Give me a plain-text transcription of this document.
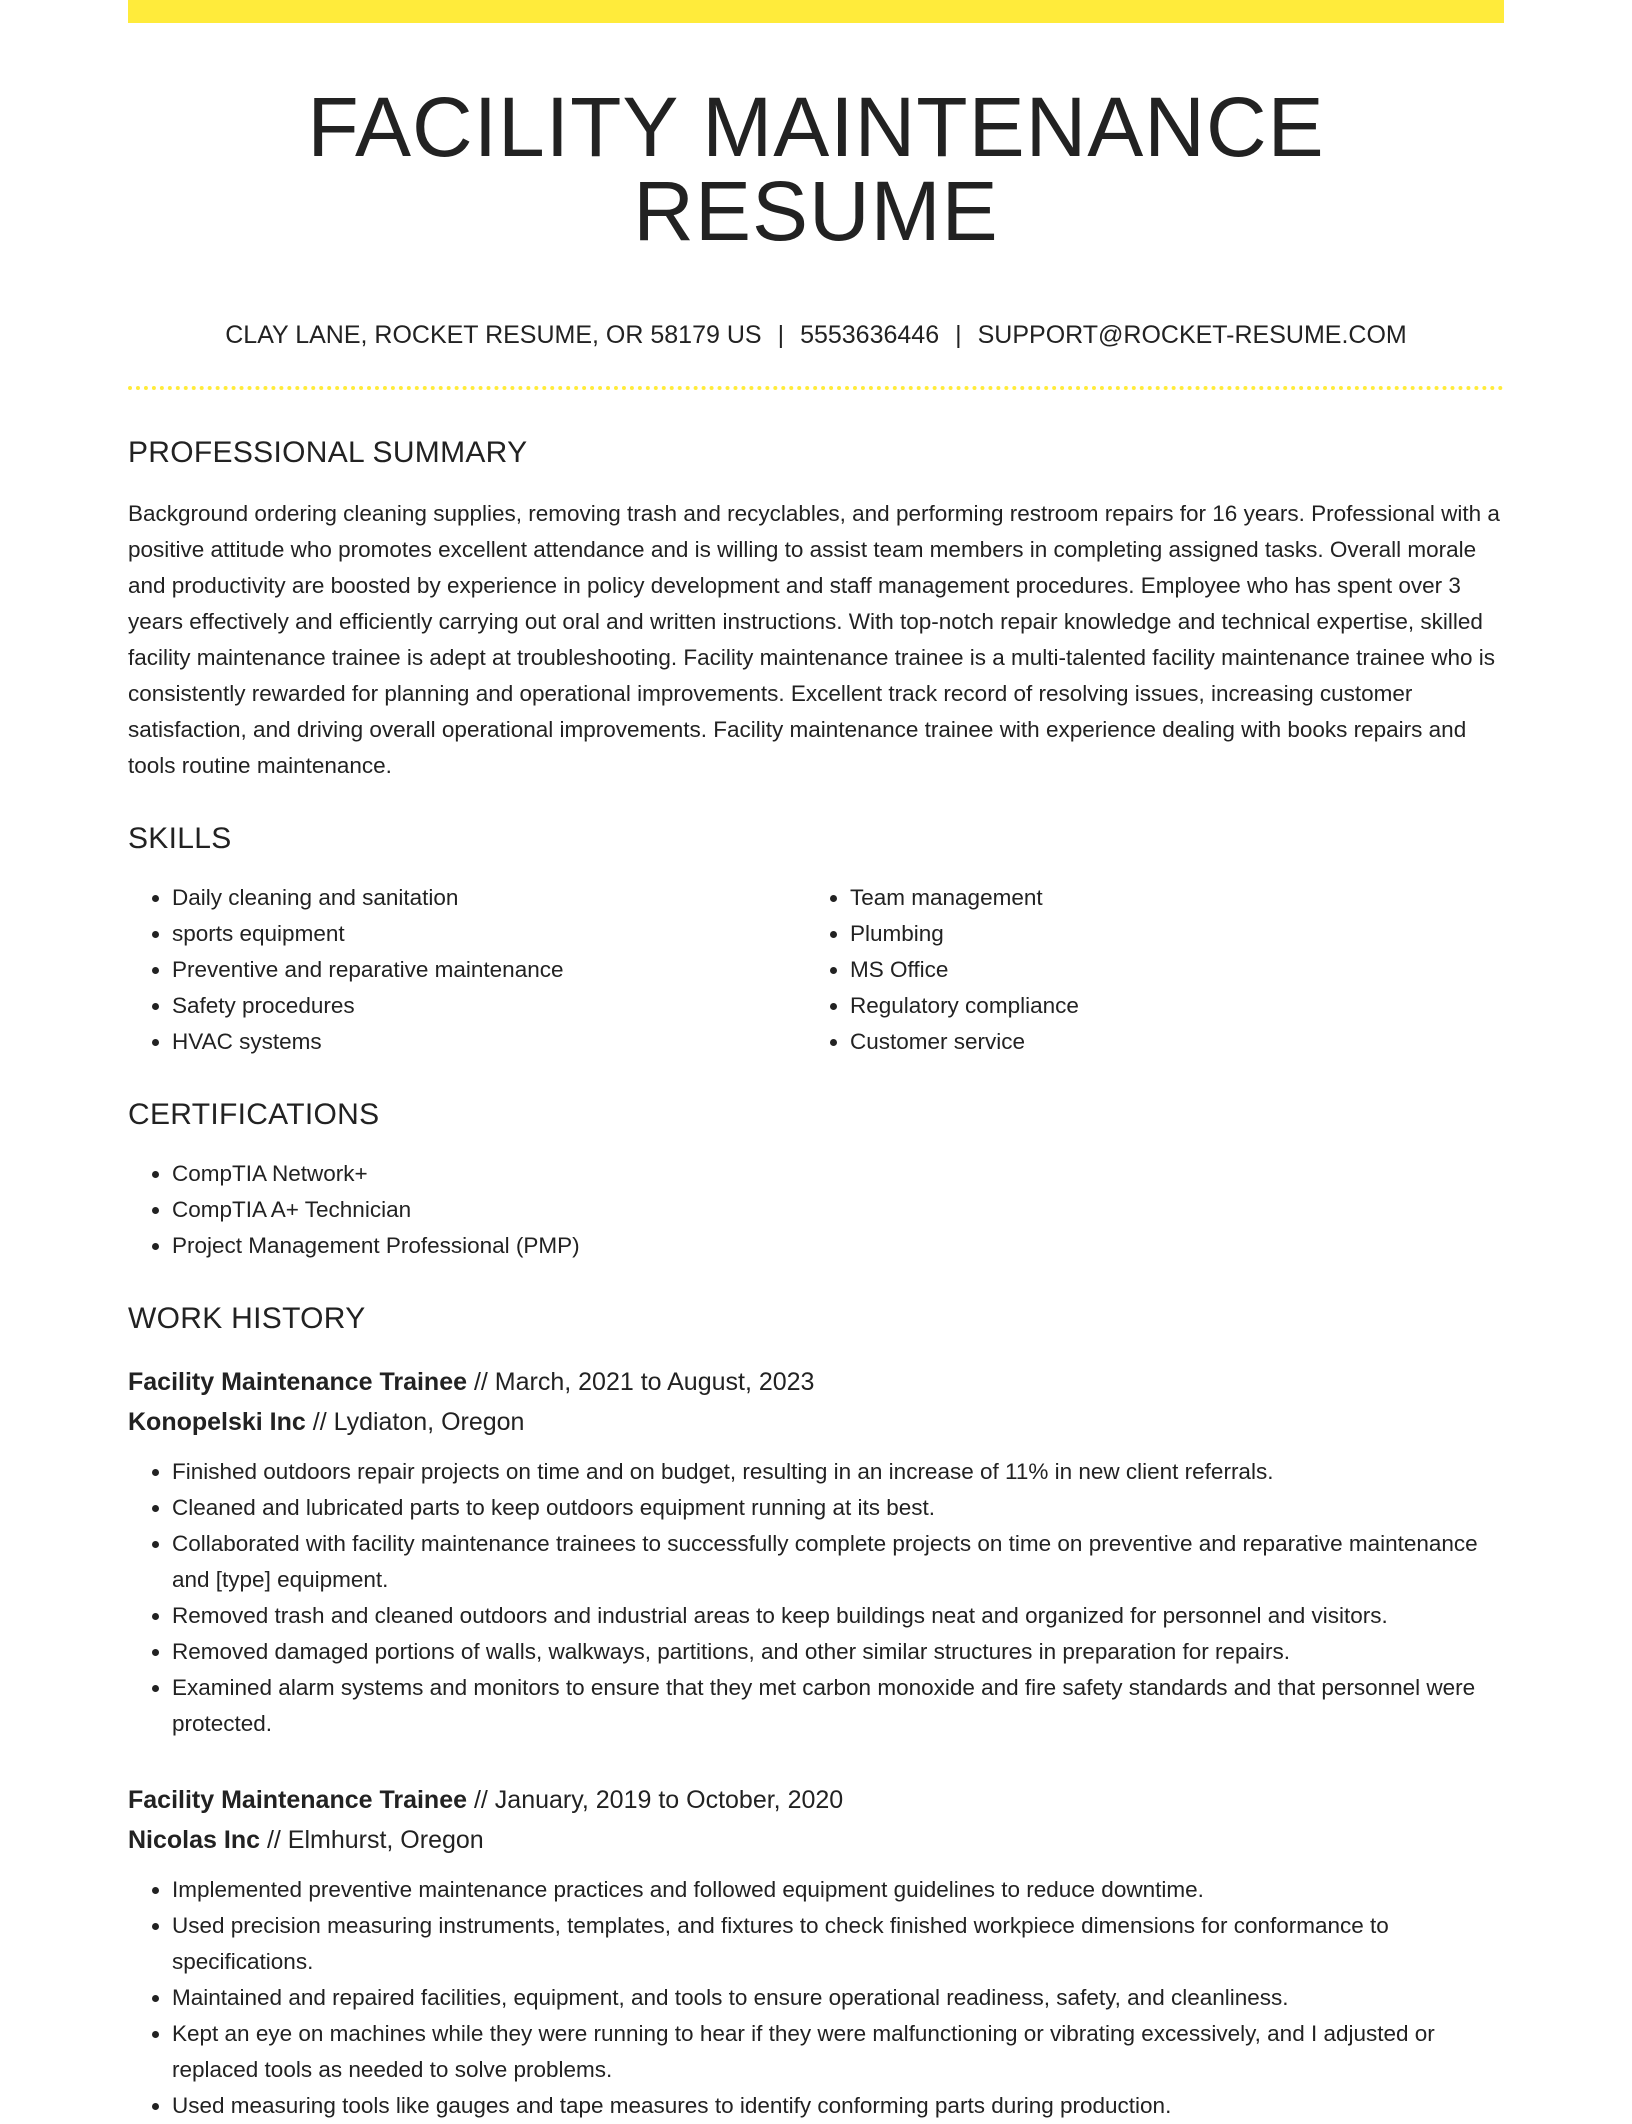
FACILITY MAINTENANCE RESUME
CLAY LANE, ROCKET RESUME, OR 58179 US | 5553636446 | SUPPORT@ROCKET-RESUME.COM
PROFESSIONAL SUMMARY

Background ordering cleaning supplies, removing trash and recyclables, and performing restroom repairs for 16 years. Professional with a positive attitude who promotes excellent attendance and is willing to assist team members in completing assigned tasks. Overall morale and productivity are boosted by experience in policy development and staff management procedures. Employee who has spent over 3 years effectively and efficiently carrying out oral and written instructions. With top-notch repair knowledge and technical expertise, skilled facility maintenance trainee is adept at troubleshooting. Facility maintenance trainee is a multi-talented facility maintenance trainee who is consistently rewarded for planning and operational improvements. Excellent track record of resolving issues, increasing customer satisfaction, and driving overall operational improvements. Facility maintenance trainee with experience dealing with books repairs and tools routine maintenance.

SKILLS
• Daily cleaning and sanitation
• sports equipment
• Preventive and reparative maintenance
• Safety procedures
• HVAC systems
• Team management
• Plumbing
• MS Office
• Regulatory compliance
• Customer service
CERTIFICATIONS
• CompTIA Network+
• CompTIA A+ Technician
• Project Management Professional (PMP)
WORK HISTORY
Facility Maintenance Trainee // March, 2021 to August, 2023
Konopelski Inc // Lydiaton, Oregon
• Finished outdoors repair projects on time and on budget, resulting in an increase of 11% in new client referrals.
• Cleaned and lubricated parts to keep outdoors equipment running at its best.
• Collaborated with facility maintenance trainees to successfully complete projects on time on preventive and reparative maintenance and [type] equipment.
• Removed trash and cleaned outdoors and industrial areas to keep buildings neat and organized for personnel and visitors.
• Removed damaged portions of walls, walkways, partitions, and other similar structures in preparation for repairs.
• Examined alarm systems and monitors to ensure that they met carbon monoxide and fire safety standards and that personnel were protected.
Facility Maintenance Trainee // January, 2019 to October, 2020
Nicolas Inc // Elmhurst, Oregon
• Implemented preventive maintenance practices and followed equipment guidelines to reduce downtime.
• Used precision measuring instruments, templates, and fixtures to check finished workpiece dimensions for conformance to specifications.
• Maintained and repaired facilities, equipment, and tools to ensure operational readiness, safety, and cleanliness.
• Kept an eye on machines while they were running to hear if they were malfunctioning or vibrating excessively, and I adjusted or replaced tools as needed to solve problems.
• Used measuring tools like gauges and tape measures to identify conforming parts during production.
